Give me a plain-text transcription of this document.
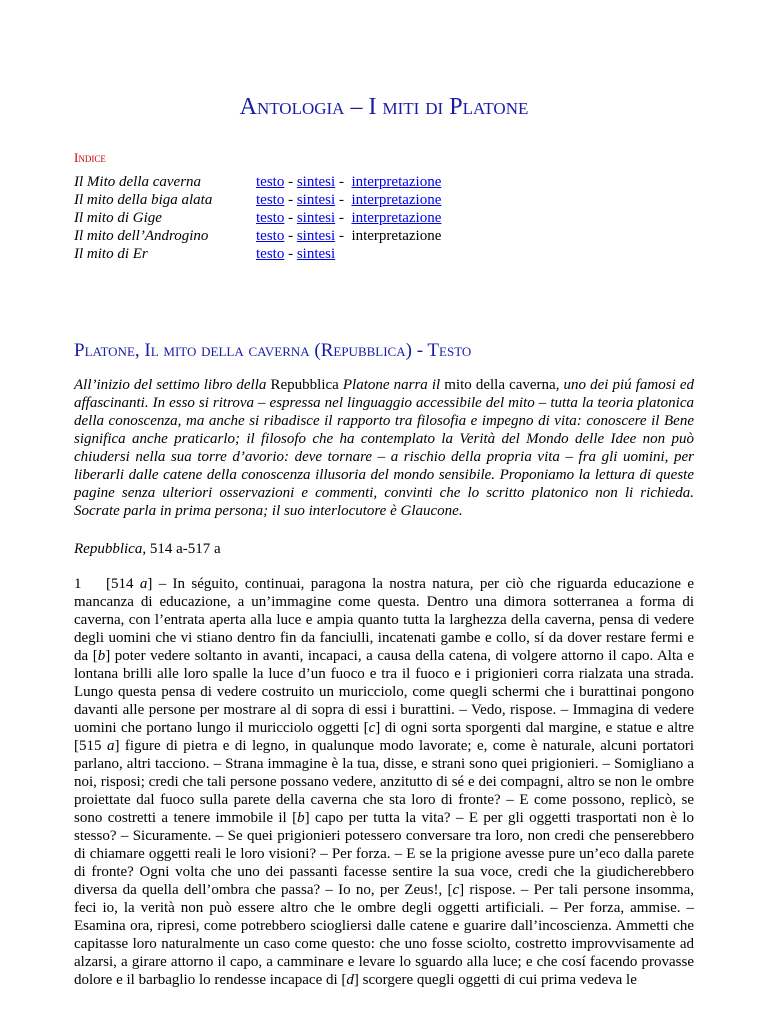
Antologia – I miti di Platone
Indice
Il Mito della caverna	testo - sintesi -  interpretazione
Il mito della biga alata	testo - sintesi -  interpretazione
Il mito di Gige	testo - sintesi -  interpretazione
Il mito dell’Androgino	testo - sintesi -  interpretazione
Il mito di Er	testo - sintesi
Platone, Il mito della caverna (Repubblica) - Testo
All’inizio del settimo libro della Repubblica Platone narra il mito della caverna, uno dei piú famosi ed affascinanti. In esso si ritrova – espressa nel linguaggio accessibile del mito – tutta la teoria platonica della conoscenza, ma anche si ribadisce il rapporto tra filosofia e impegno di vita: conoscere il Bene significa anche praticarlo; il filosofo che ha contemplato la Verità del Mondo delle Idee non può chiudersi nella sua torre d’avorio: deve tornare – a rischio della propria vita – fra gli uomini, per liberarli dalle catene della conoscenza illusoria del mondo sensibile. Proponiamo la lettura di queste pagine senza ulteriori osservazioni e commenti, convinti che lo scritto platonico non li richieda. Socrate parla in prima persona; il suo interlocutore è Glaucone.
Repubblica, 514 a-517 a
1 [514 a] – In séguito, continuai, paragona la nostra natura, per ciò che riguarda educazione e mancanza di educazione, a un’immagine come questa. Dentro una dimora sotterranea a forma di caverna, con l’entrata aperta alla luce e ampia quanto tutta la larghezza della caverna, pensa di vedere degli uomini che vi stiano dentro fin da fanciulli, incatenati gambe e collo, sí da dover restare fermi e da [b] poter vedere soltanto in avanti, incapaci, a causa della catena, di volgere attorno il capo. Alta e lontana brilli alle loro spalle la luce d’un fuoco e tra il fuoco e i prigionieri corra rialzata una strada. Lungo questa pensa di vedere costruito un muricciolo, come quegli schermi che i burattinai pongono davanti alle persone per mostrare al di sopra di essi i burattini. – Vedo, rispose. – Immagina di vedere uomini che portano lungo il muricciolo oggetti [c] di ogni sorta sporgenti dal margine, e statue e altre [515 a] figure di pietra e di legno, in qualunque modo lavorate; e, come è naturale, alcuni portatori parlano, altri tacciono. – Strana immagine è la tua, disse, e strani sono quei prigionieri. – Somigliano a noi, risposi; credi che tali persone possano vedere, anzitutto di sé e dei compagni, altro se non le ombre proiettate dal fuoco sulla parete della caverna che sta loro di fronte? – E come possono, replicò, se sono costretti a tenere immobile il [b] capo per tutta la vita? – E per gli oggetti trasportati non è lo stesso? – Sicuramente. – Se quei prigionieri potessero conversare tra loro, non credi che penserebbero di chiamare oggetti reali le loro visioni? – Per forza. – E se la prigione avesse pure un’eco dalla parete di fronte? Ogni volta che uno dei passanti facesse sentire la sua voce, credi che la giudicherebbero diversa da quella dell’ombra che passa? – Io no, per Zeus!, [c] rispose. – Per tali persone insomma, feci io, la verità non può essere altro che le ombre degli oggetti artificiali. – Per forza, ammise. – Esamina ora, ripresi, come potrebbero sciogliersi dalle catene e guarire dall’incoscienza. Ammetti che capitasse loro naturalmente un caso come questo: che uno fosse sciolto, costretto improvvisamente ad alzarsi, a girare attorno il capo, a camminare e levare lo sguardo alla luce; e che cosí facendo provasse dolore e il barbaglio lo rendesse incapace di [d] scorgere quegli oggetti di cui prima vedeva le
